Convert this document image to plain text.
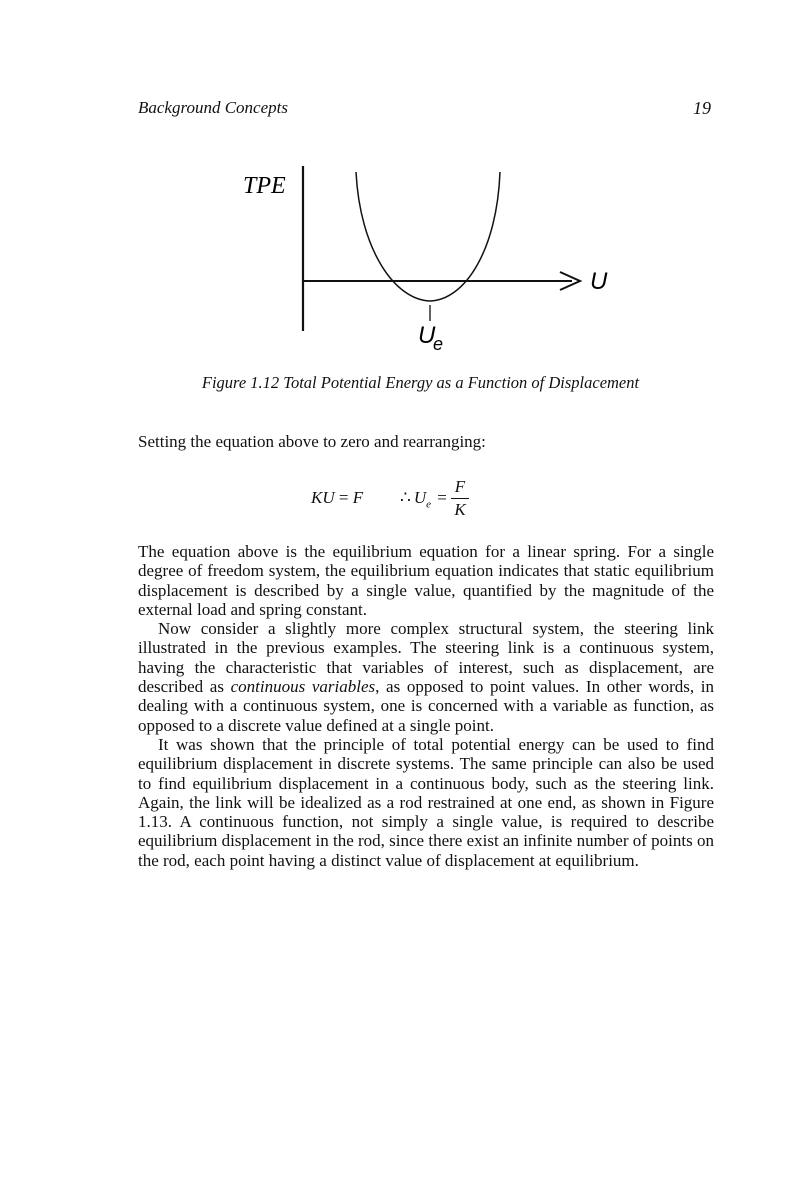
Background Concepts	19
TPE
U
U
e
Figure 1.12 Total Potential Energy as a Function of Displacement
Setting the equation above to zero and rearranging:
KU = F ∴ $U_e$ =
F
K

The equation above is the equilibrium equation for a linear spring. For a single degree of freedom system, the equilibrium equation indicates that static equilibrium displacement is described by a single value, quantified by the magnitude of the external load and spring constant.

Now consider a slightly more complex structural system, the steering link illustrated in the previous examples. The steering link is a continuous system, having the characteristic that variables of interest, such as displacement, are described as continuous variables, as opposed to point values. In other words, in dealing with a continuous system, one is concerned with a variable as function, as opposed to a discrete value defined at a single point.

It was shown that the principle of total potential energy can be used to find equilibrium displacement in discrete systems. The same principle can also be used to find equilibrium displacement in a continuous body, such as the steering link. Again, the link will be idealized as a rod restrained at one end, as shown in Figure 1.13. A continuous function, not simply a single value, is required to describe equilibrium displacement in the rod, since there exist an infinite number of points on the rod, each point having a distinct value of displacement at equilibrium.
